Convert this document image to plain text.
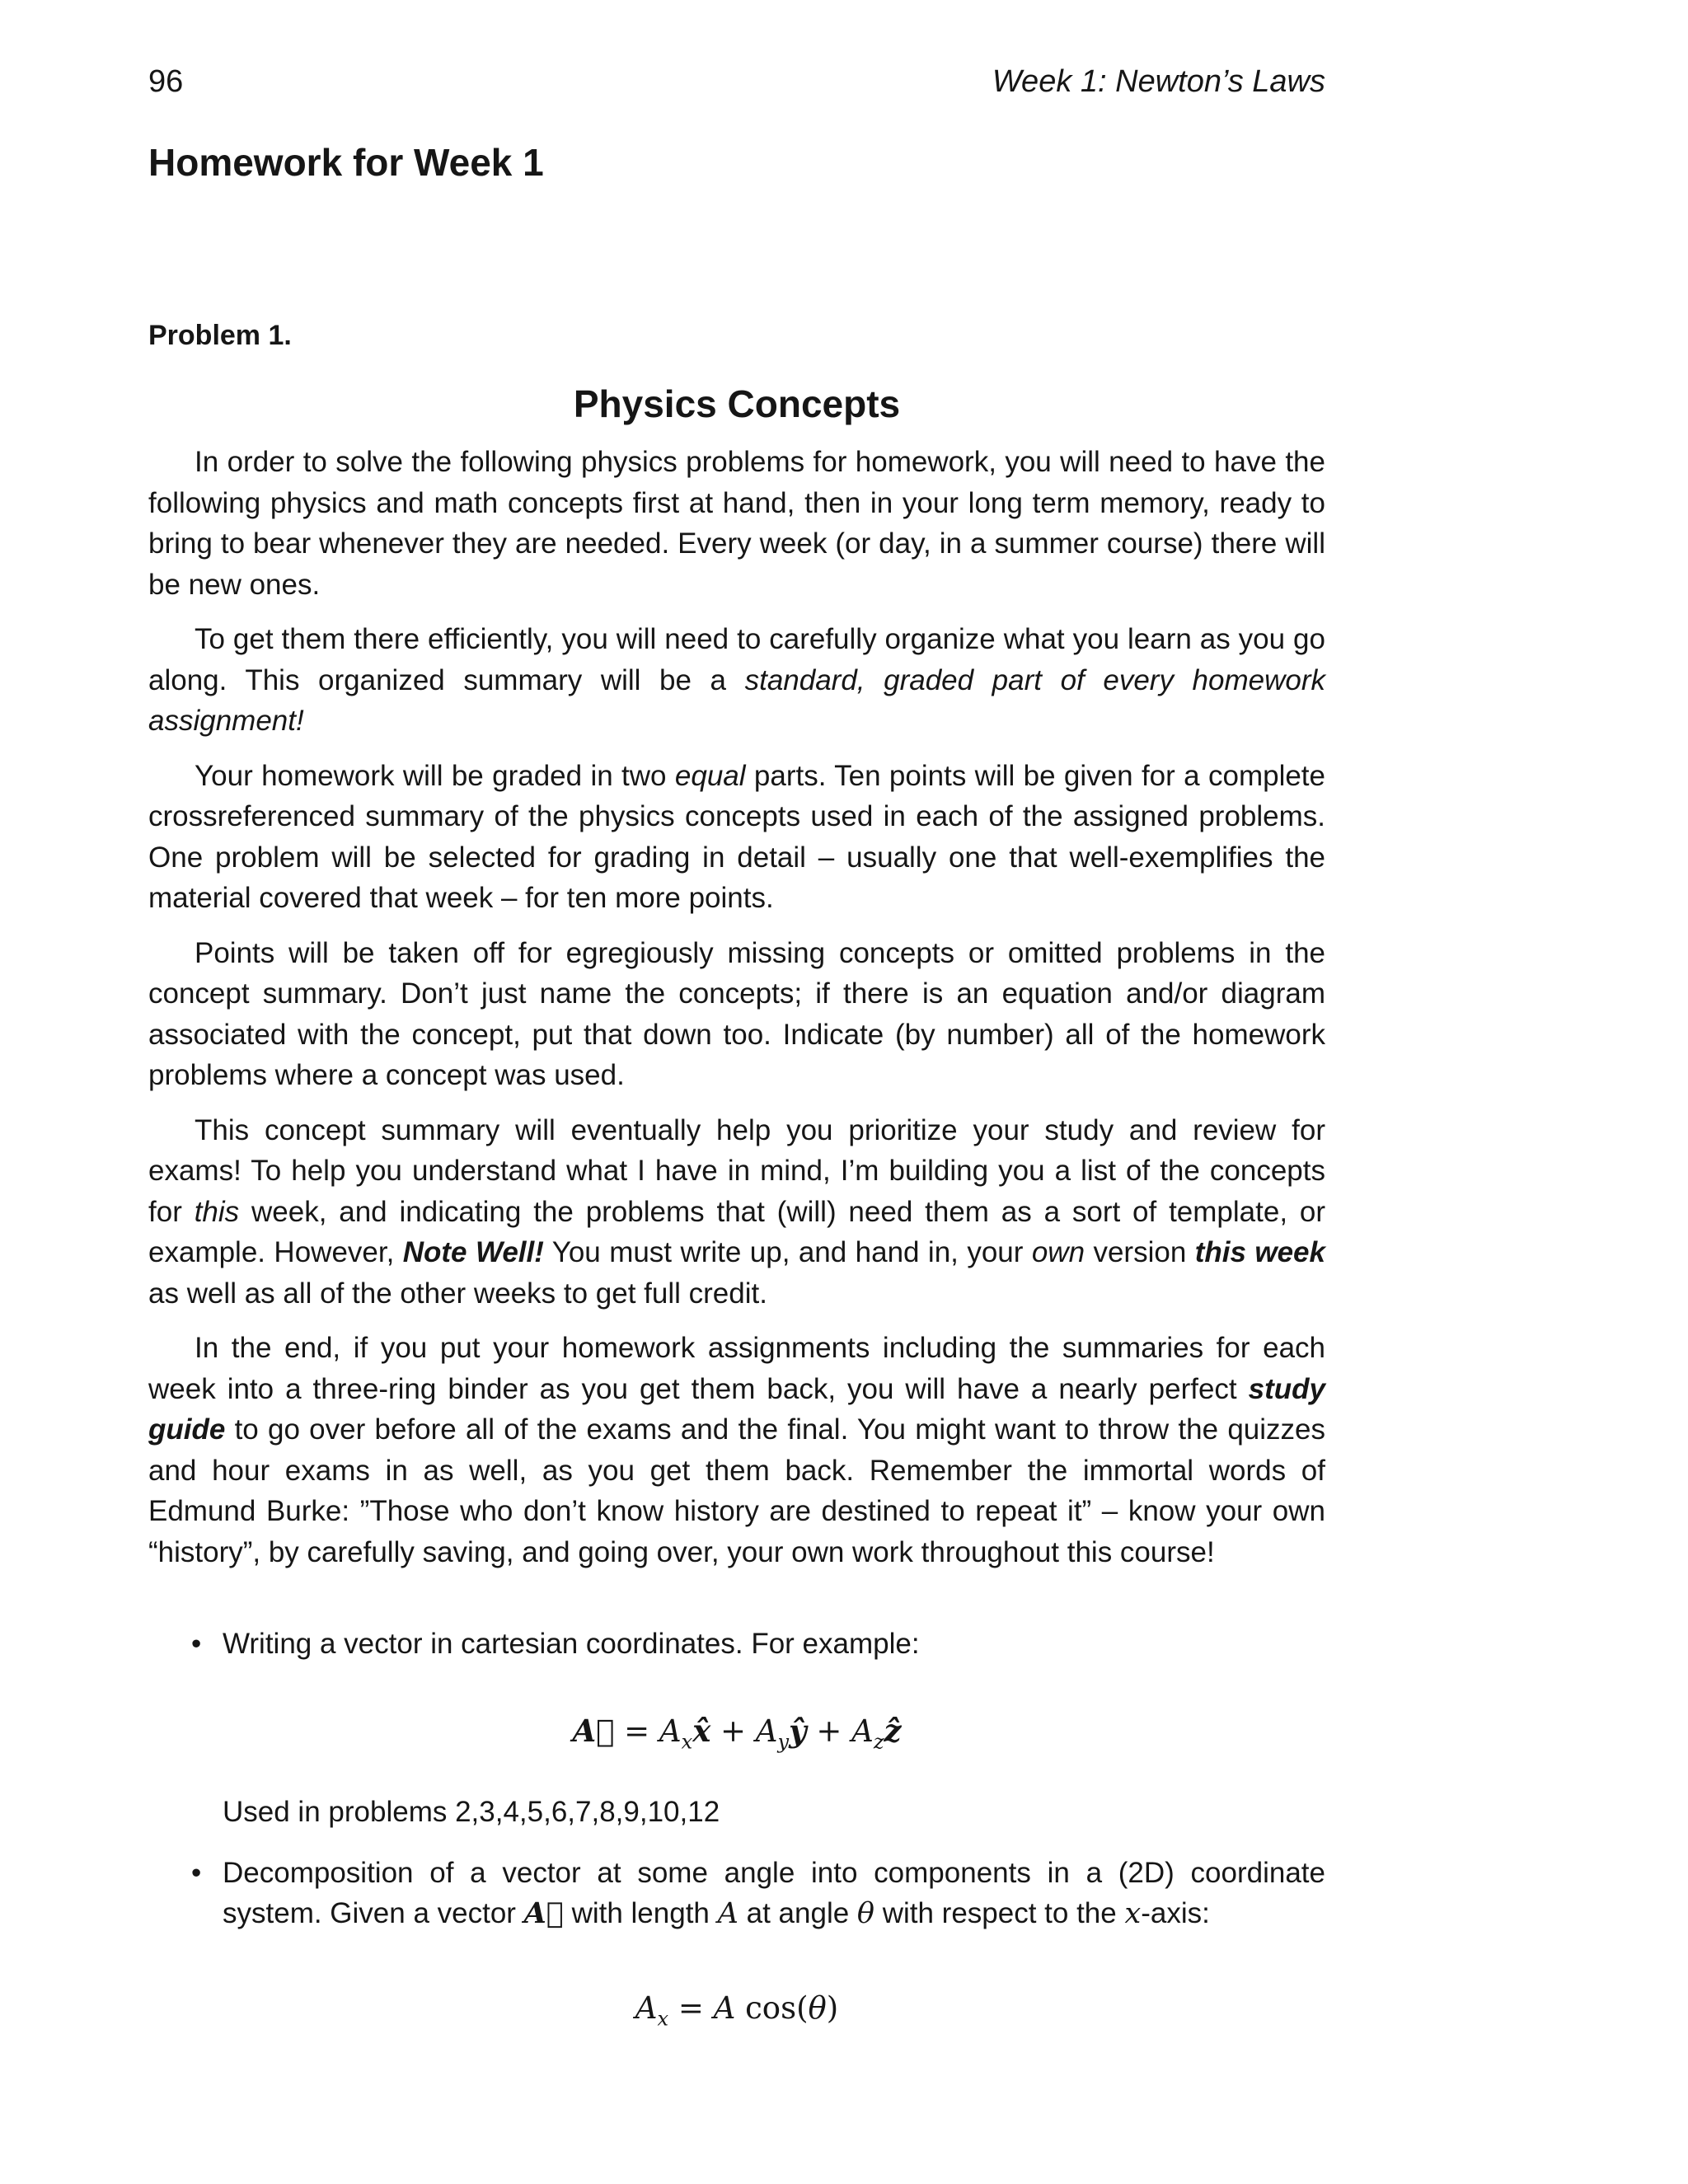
96	Week 1: Newton’s Laws
Homework for Week 1
Problem 1.
Physics Concepts

In order to solve the following physics problems for homework, you will need to have the following physics and math concepts first at hand, then in your long term memory, ready to bring to bear whenever they are needed. Every week (or day, in a summer course) there will be new ones.

To get them there efficiently, you will need to carefully organize what you learn as you go along. This organized summary will be a standard, graded part of every homework assignment!

Your homework will be graded in two equal parts. Ten points will be given for a complete crossreferenced summary of the physics concepts used in each of the assigned problems. One problem will be selected for grading in detail – usually one that well-exemplifies the material covered that week – for ten more points.

Points will be taken off for egregiously missing concepts or omitted problems in the concept summary. Don’t just name the concepts; if there is an equation and/or diagram associated with the concept, put that down too. Indicate (by number) all of the homework problems where a concept was used.

This concept summary will eventually help you prioritize your study and review for exams! To help you understand what I have in mind, I’m building you a list of the concepts for this week, and indicating the problems that (will) need them as a sort of template, or example. However, Note Well! You must write up, and hand in, your own version this week as well as all of the other weeks to get full credit.

In the end, if you put your homework assignments including the summaries for each week into a three-ring binder as you get them back, you will have a nearly perfect study guide to go over before all of the exams and the final. You might want to throw the quizzes and hour exams in as well, as you get them back. Remember the immortal words of Edmund Burke: ”Those who don’t know history are destined to repeat it” – know your own “history”, by carefully saving, and going over, your own work throughout this course!

• Writing a vector in cartesian coordinates. For example:
A⃗ = $A_xx̂$ + $A_yŷ$ + $A_zẑ$
Used in problems 2,3,4,5,6,7,8,9,10,12
• Decomposition of a vector at some angle into components in a (2D) coordinate system. Given a vector A⃗ with length A at angle θ with respect to the x-axis:
$A_x = A$ cos(θ)
